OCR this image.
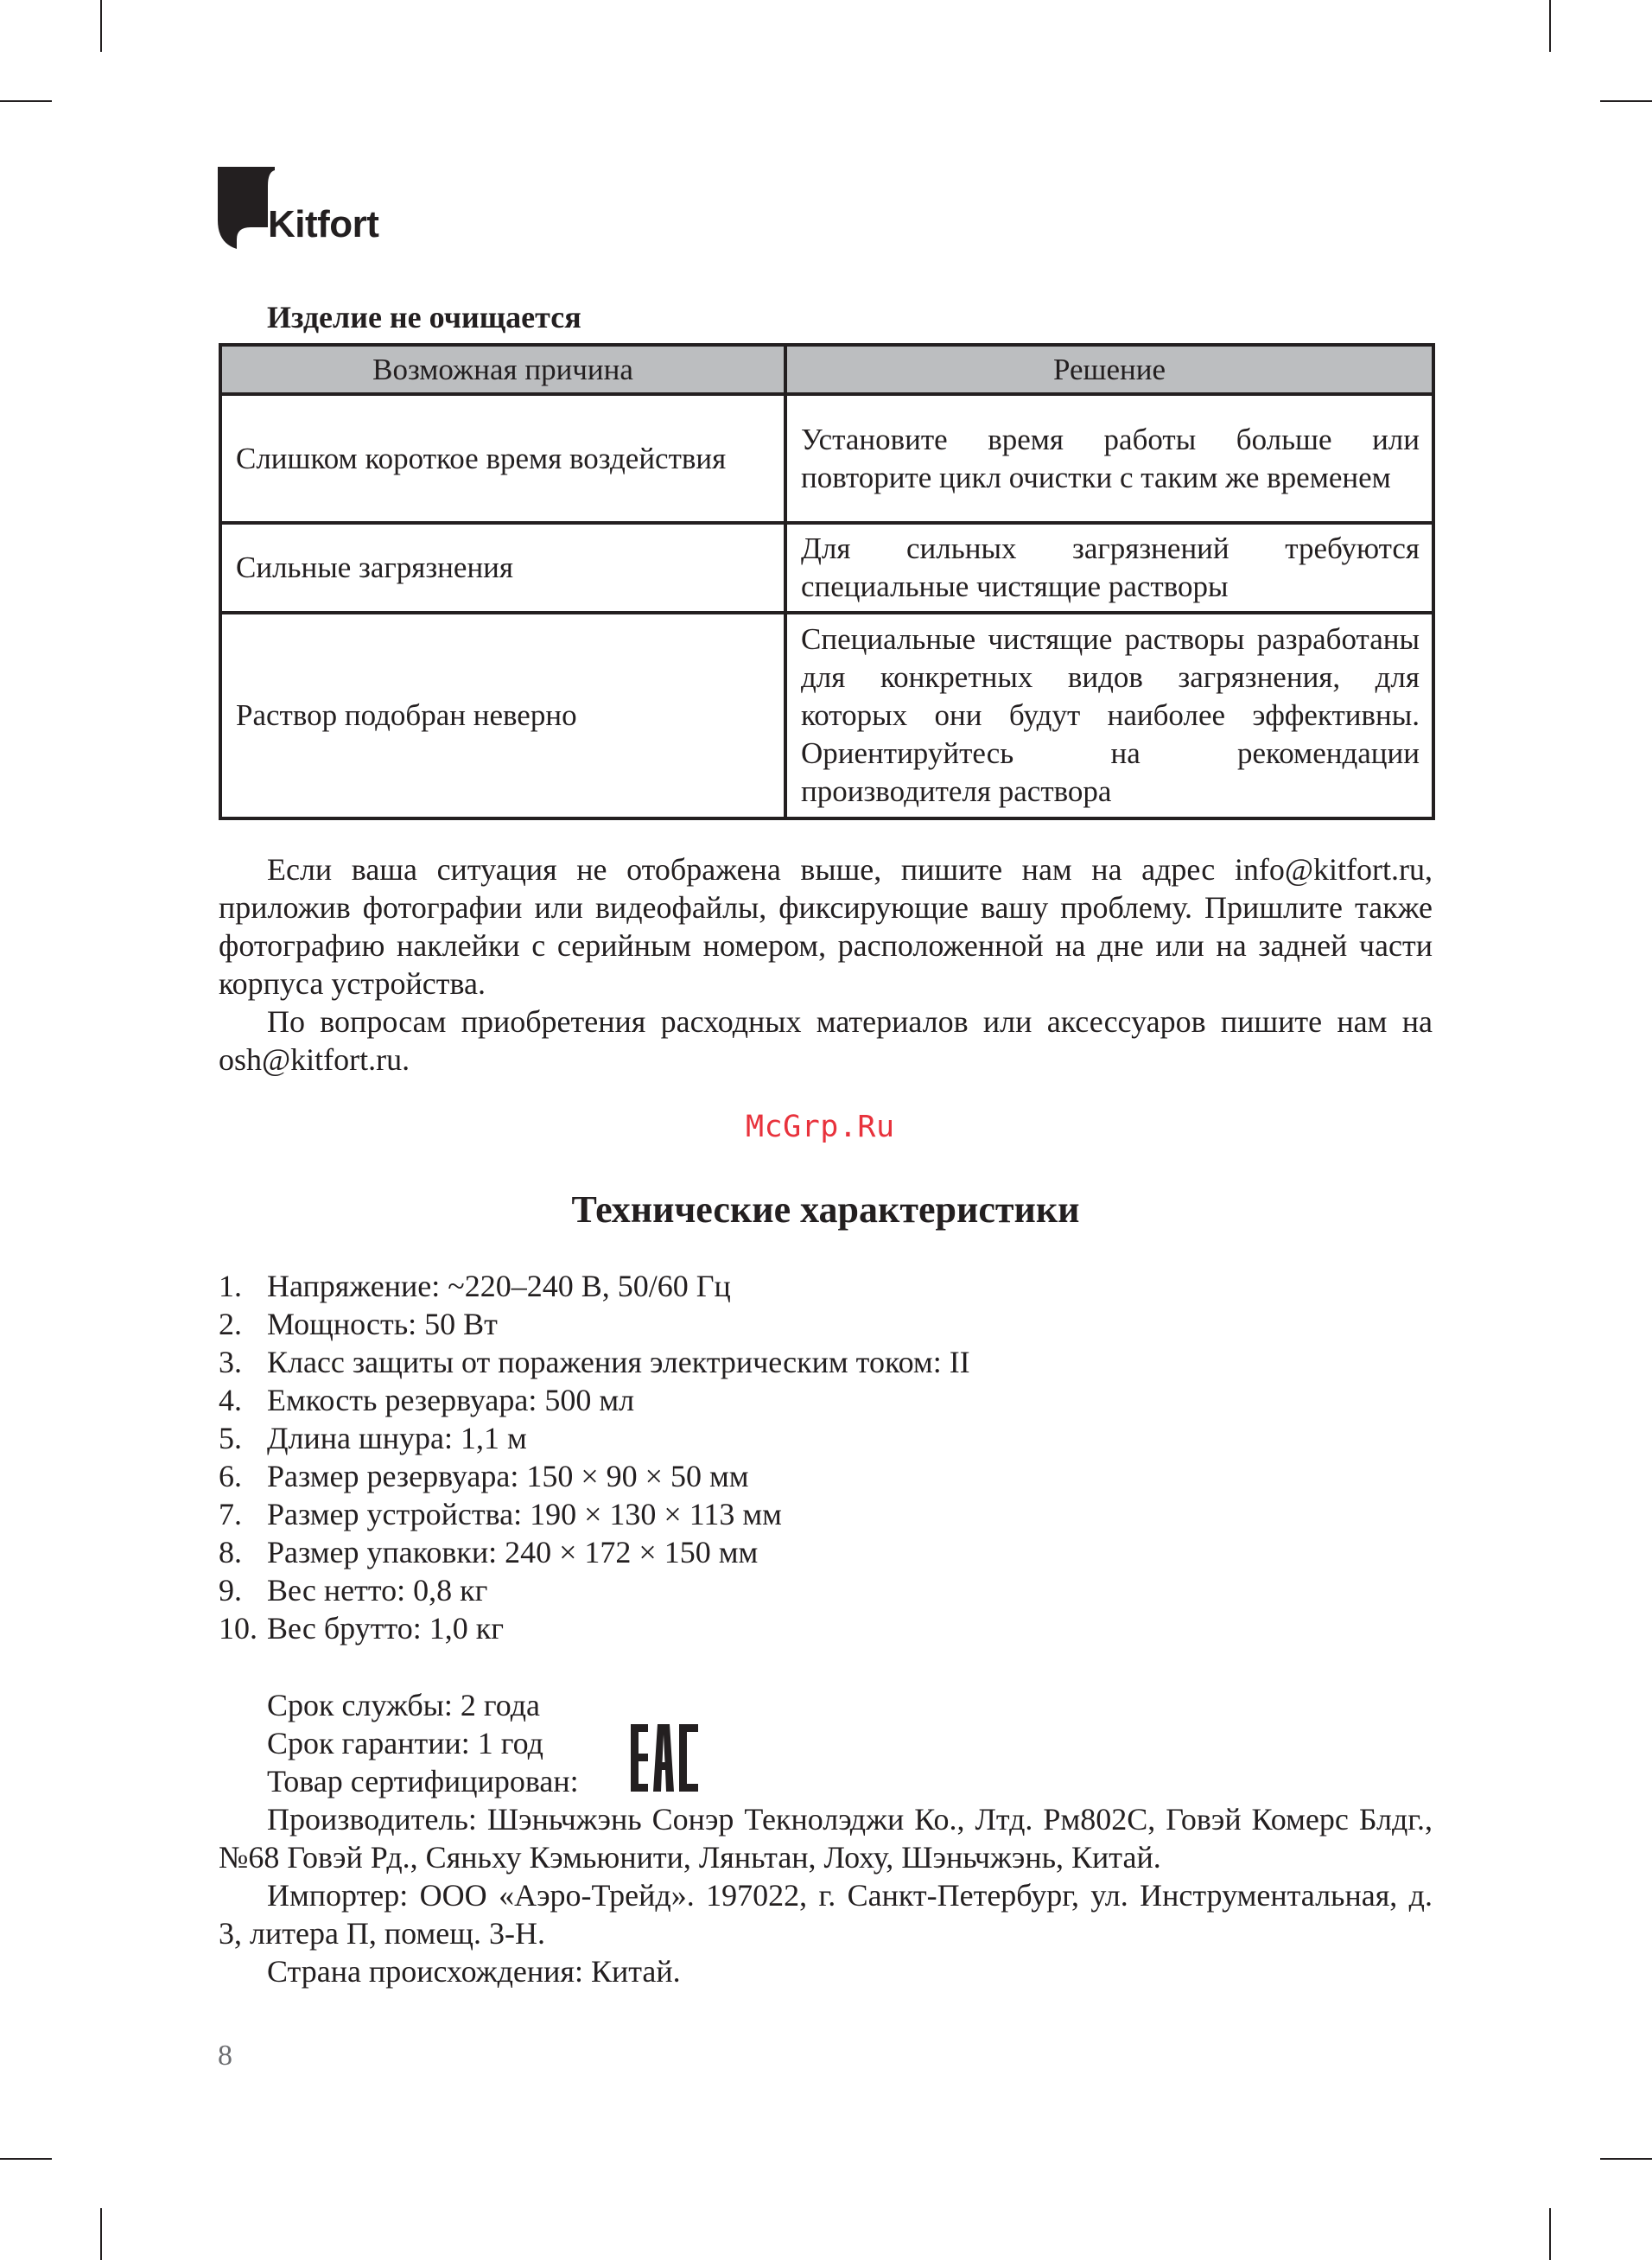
Kitfort
Изделие не очищается
Возможная причина	Решение
Слишком короткое время воздействия	Установите время работы больше или повторите цикл очистки с таким же временем
Сильные загрязнения	Для сильных загрязнений требуются специальные чистящие растворы
Раствор подобран неверно	Специальные чистящие растворы разработаны для конкретных видов загрязнения, для которых они будут наиболее эффективны. Ориентируйтесь на рекомендации производителя раствора

Если ваша ситуация не отображена выше, пишите нам на адрес info@kitfort.ru, приложив фотографии или видеофайлы, фиксирующие вашу проблему. Пришлите также фотографию наклейки с серийным номером, расположенной на дне или на задней части корпуса устройства.

По вопросам приобретения расходных материалов или аксессуаров пишите нам на osh@kitfort.ru.

McGrp.Ru
Технические характеристики
1. Напряжение: ~220–240 В, 50/60 Гц
2. Мощность: 50 Вт
3. Класс защиты от поражения электрическим током: II
4. Емкость резервуара: 500 мл
5. Длина шнура: 1,1 м
6. Размер резервуара: 150 × 90 × 50 мм
7. Размер устройства: 190 × 130 × 113 мм
8. Размер упаковки: 240 × 172 × 150 мм
9. Вес нетто: 0,8 кг
10. Вес брутто: 1,0 кг
Срок службы: 2 года
Срок гарантии: 1 год
Товар сертифицирован:

Производитель: Шэньчжэнь Сонэр Текнолэджи Ко., Лтд. Рм802С, Говэй Комерс Блдг., №68 Говэй Рд., Сяньху Кэмьюнити, Ляньтан, Лоху, Шэньчжэнь, Китай.

Импортер: ООО «Аэро-Трейд». 197022, г. Санкт-Петербург, ул. Инструментальная, д. 3, литера П, помещ. 3-Н.

Страна происхождения: Китай.
8
